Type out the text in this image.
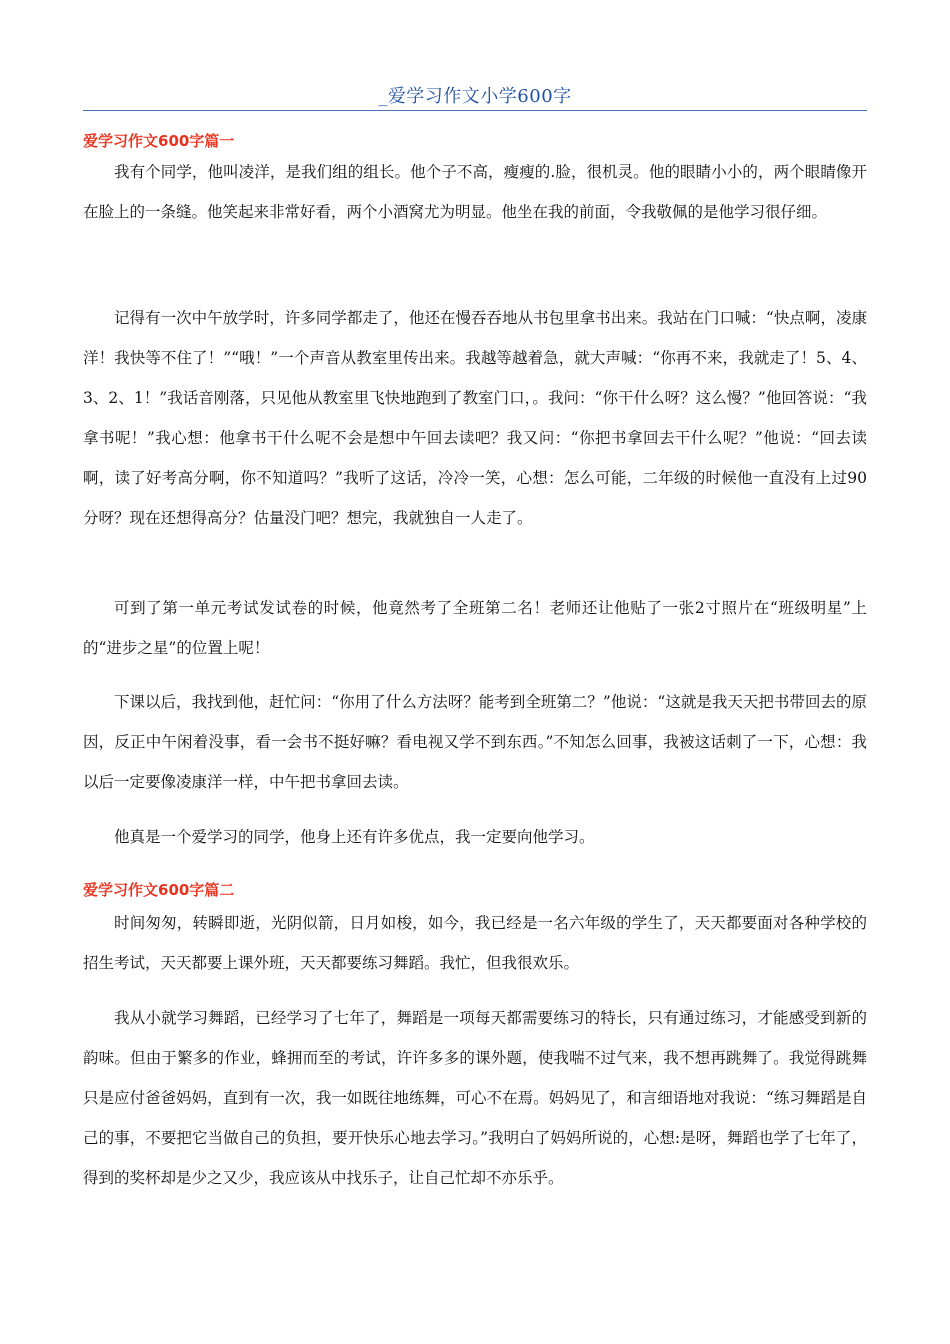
_爱学习作文小学600字
爱学习作文600字篇一

我有个同学，他叫凌洋，是我们组的组长。他个子不高，瘦瘦的.脸，很机灵。他的眼睛小小的，两个眼睛像开在脸上的一条缝。他笑起来非常好看，两个小酒窝尤为明显。他坐在我的前面，令我敬佩的是他学习很仔细。

记得有一次中午放学时，许多同学都走了，他还在慢吞吞地从书包里拿书出来。我站在门口喊：“快点啊，凌康洋！我快等不住了！”“哦！”一个声音从教室里传出来。我越等越着急，就大声喊：“你再不来，我就走了！5、4、3、2、1！”我话音刚落，只见他从教室里飞快地跑到了教室门口，。我问：“你干什么呀？这么慢？”他回答说：“我拿书呢！”我心想：他拿书干什么呢不会是想中午回去读吧？我又问：“你把书拿回去干什么呢？”他说：“回去读啊，读了好考高分啊，你不知道吗？”我听了这话，冷冷一笑，心想：怎么可能，二年级的时候他一直没有上过90分呀？现在还想得高分？估量没门吧？想完，我就独自一人走了。

可到了第一单元考试发试卷的时候，他竟然考了全班第二名！老师还让他贴了一张2寸照片在“班级明星”上的“进步之星”的位置上呢！

下课以后，我找到他，赶忙问：“你用了什么方法呀？能考到全班第二？”他说：“这就是我天天把书带回去的原因，反正中午闲着没事，看一会书不挺好嘛？看电视又学不到东西。”不知怎么回事，我被这话刺了一下，心想：我以后一定要像凌康洋一样，中午把书拿回去读。

他真是一个爱学习的同学，他身上还有许多优点，我一定要向他学习。

爱学习作文600字篇二

时间匆匆，转瞬即逝，光阴似箭，日月如梭，如今，我已经是一名六年级的学生了，天天都要面对各种学校的招生考试，天天都要上课外班，天天都要练习舞蹈。我忙，但我很欢乐。

我从小就学习舞蹈，已经学习了七年了，舞蹈是一项每天都需要练习的特长，只有通过练习，才能感受到新的韵味。但由于繁多的作业，蜂拥而至的考试，许许多多的课外题，使我喘不过气来，我不想再跳舞了。我觉得跳舞只是应付爸爸妈妈，直到有一次，我一如既往地练舞，可心不在焉。妈妈见了，和言细语地对我说：“练习舞蹈是自己的事，不要把它当做自己的负担，要开快乐心地去学习。”我明白了妈妈所说的，心想:是呀，舞蹈也学了七年了，得到的奖杯却是少之又少，我应该从中找乐子，让自己忙却不亦乐乎。
